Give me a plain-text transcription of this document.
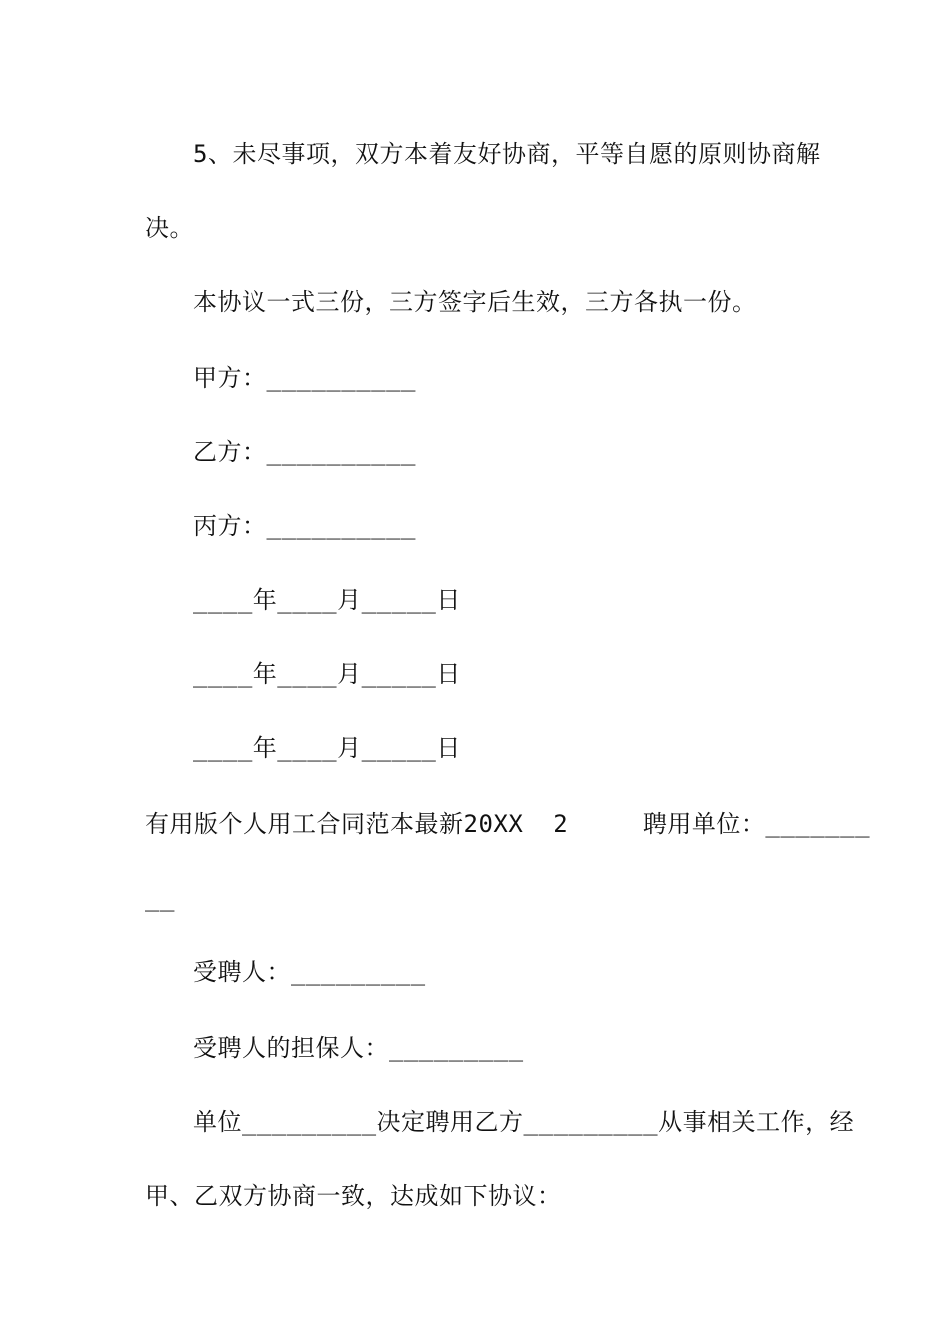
5、未尽事项，双方本着友好协商，平等自愿的原则协商解
决。
本协议一式三份，三方签字后生效，三方各执一份。
甲方：__________
乙方：__________
丙方：__________
____年____月_____日
____年____月_____日
____年____月_____日
有用版个人用工合同范本最新20XX  2     聘用单位：_______
__
受聘人：_________
受聘人的担保人：_________
单位_________决定聘用乙方_________从事相关工作，经
甲、乙双方协商一致，达成如下协议：
